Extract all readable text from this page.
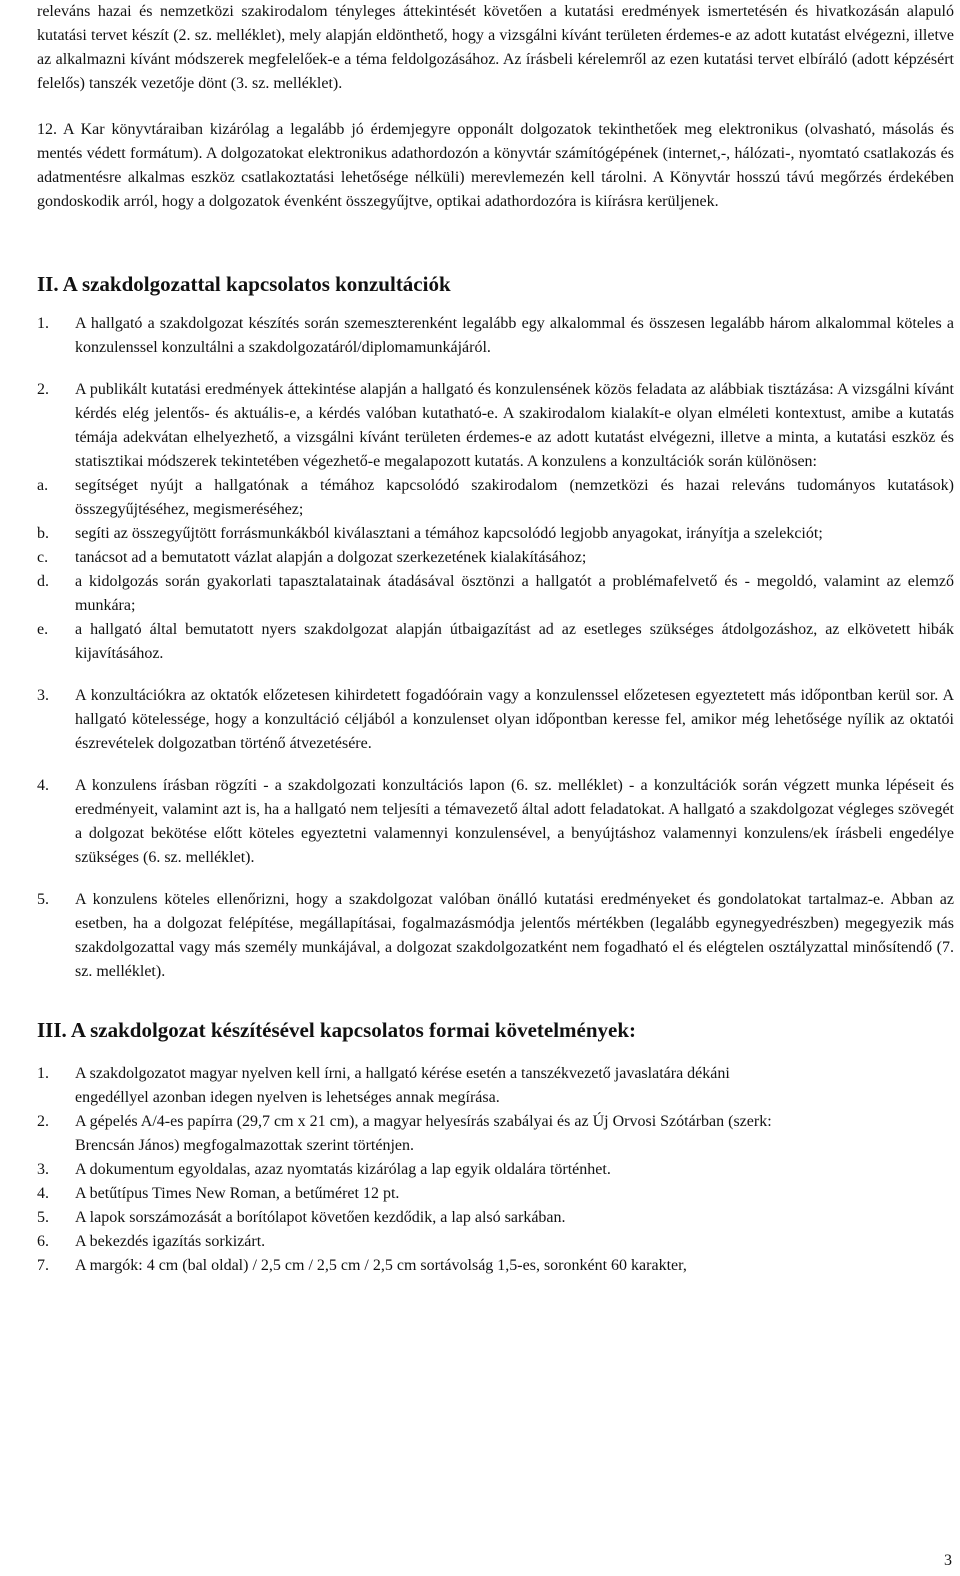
releváns hazai és nemzetközi szakirodalom tényleges áttekintését követően a kutatási eredmények ismertetésén és hivatkozásán alapuló kutatási tervet készít (2. sz. melléklet), mely alapján eldönthető, hogy a vizsgálni kívánt területen érdemes-e az adott kutatást elvégezni, illetve az alkalmazni kívánt módszerek megfelelőek-e a téma feldolgozásához. Az írásbeli kérelemről az ezen kutatási tervet elbíráló (adott képzésért felelős) tanszék vezetője dönt (3. sz. melléklet).

12. A Kar könyvtáraiban kizárólag a legalább jó érdemjegyre opponált dolgozatok tekinthetőek meg elektronikus (olvasható, másolás és mentés védett formátum). A dolgozatokat elektronikus adathordozón a könyvtár számítógépének (internet,-, hálózati-, nyomtató csatlakozás és adatmentésre alkalmas eszköz csatlakoztatási lehetősége nélküli) merevlemezén kell tárolni. A Könyvtár hosszú távú megőrzés érdekében gondoskodik arról, hogy a dolgozatok évenként összegyűjtve, optikai adathordozóra is kiírásra kerüljenek.

II. A szakdolgozattal kapcsolatos konzultációk
1.	A hallgató a szakdolgozat készítés során szemeszterenként legalább egy alkalommal és összesen legalább három alkalommal köteles a konzulenssel konzultálni a szakdolgozatáról/diplomamunkájáról.
2.	A publikált kutatási eredmények áttekintése alapján a hallgató és konzulensének közös feladata az alábbiak tisztázása: A vizsgálni kívánt kérdés elég jelentős- és aktuális-e, a kérdés valóban kutatható-e. A szakirodalom kialakít-e olyan elméleti kontextust, amibe a kutatás témája adekvátan elhelyezhető, a vizsgálni kívánt területen érdemes-e az adott kutatást elvégezni, illetve a minta, a kutatási eszköz és statisztikai módszerek tekintetében végezhető-e megalapozott kutatás. A konzulens a konzultációk során különösen:
a.	segítséget nyújt a hallgatónak a témához kapcsolódó szakirodalom (nemzetközi és hazai releváns tudományos kutatások) összegyűjtéséhez, megismeréséhez;
b.	segíti az összegyűjtött forrásmunkákból kiválasztani a témához kapcsolódó legjobb anyagokat, irányítja a szelekciót;
c.	tanácsot ad a bemutatott vázlat alapján a dolgozat szerkezetének kialakításához;
d.	a kidolgozás során gyakorlati tapasztalatainak átadásával ösztönzi a hallgatót a problémafelvető és - megoldó, valamint az elemző munkára;
e.	a hallgató által bemutatott nyers szakdolgozat alapján útbaigazítást ad az esetleges szükséges átdolgozáshoz, az elkövetett hibák kijavításához.
3.	A konzultációkra az oktatók előzetesen kihirdetett fogadóórain vagy a konzulenssel előzetesen egyeztetett más időpontban kerül sor. A hallgató kötelessége, hogy a konzultáció céljából a konzulenset olyan időpontban keresse fel, amikor még lehetősége nyílik az oktatói észrevételek dolgozatban történő átvezetésére.
4.	A konzulens írásban rögzíti - a szakdolgozati konzultációs lapon (6. sz. melléklet) - a konzultációk során végzett munka lépéseit és eredményeit, valamint azt is, ha a hallgató nem teljesíti a témavezető által adott feladatokat. A hallgató a szakdolgozat végleges szövegét a dolgozat bekötése előtt köteles egyeztetni valamennyi konzulensével, a benyújtáshoz valamennyi konzulens/ek írásbeli engedélye szükséges (6. sz. melléklet).
5.	A konzulens köteles ellenőrizni, hogy a szakdolgozat valóban önálló kutatási eredményeket és gondolatokat tartalmaz-e. Abban az esetben, ha a dolgozat felépítése, megállapításai, fogalmazásmódja jelentős mértékben (legalább egynegyedrészben) megegyezik más szakdolgozattal vagy más személy munkájával, a dolgozat szakdolgozatként nem fogadható el és elégtelen osztályzattal minősítendő (7. sz. melléklet).
III. A szakdolgozat készítésével kapcsolatos formai követelmények:
1.	A szakdolgozatot magyar nyelven kell írni, a hallgató kérése esetén a tanszékvezető javaslatára dékáni
engedéllyel azonban idegen nyelven is lehetséges annak megírása.
2.	A gépelés A/4-es papírra (29,7 cm x 21 cm), a magyar helyesírás szabályai és az Új Orvosi Szótárban (szerk:
Brencsán János) megfogalmazottak szerint történjen.
3.	A dokumentum egyoldalas, azaz nyomtatás kizárólag a lap egyik oldalára történhet.
4.	A betűtípus Times New Roman, a betűméret 12 pt.
5.	A lapok sorszámozását a borítólapot követően kezdődik, a lap alsó sarkában.
6.	A bekezdés igazítás sorkizárt.
7.	A margók: 4 cm (bal oldal) / 2,5 cm / 2,5 cm / 2,5 cm sortávolság 1,5-es, soronként 60 karakter,
3
